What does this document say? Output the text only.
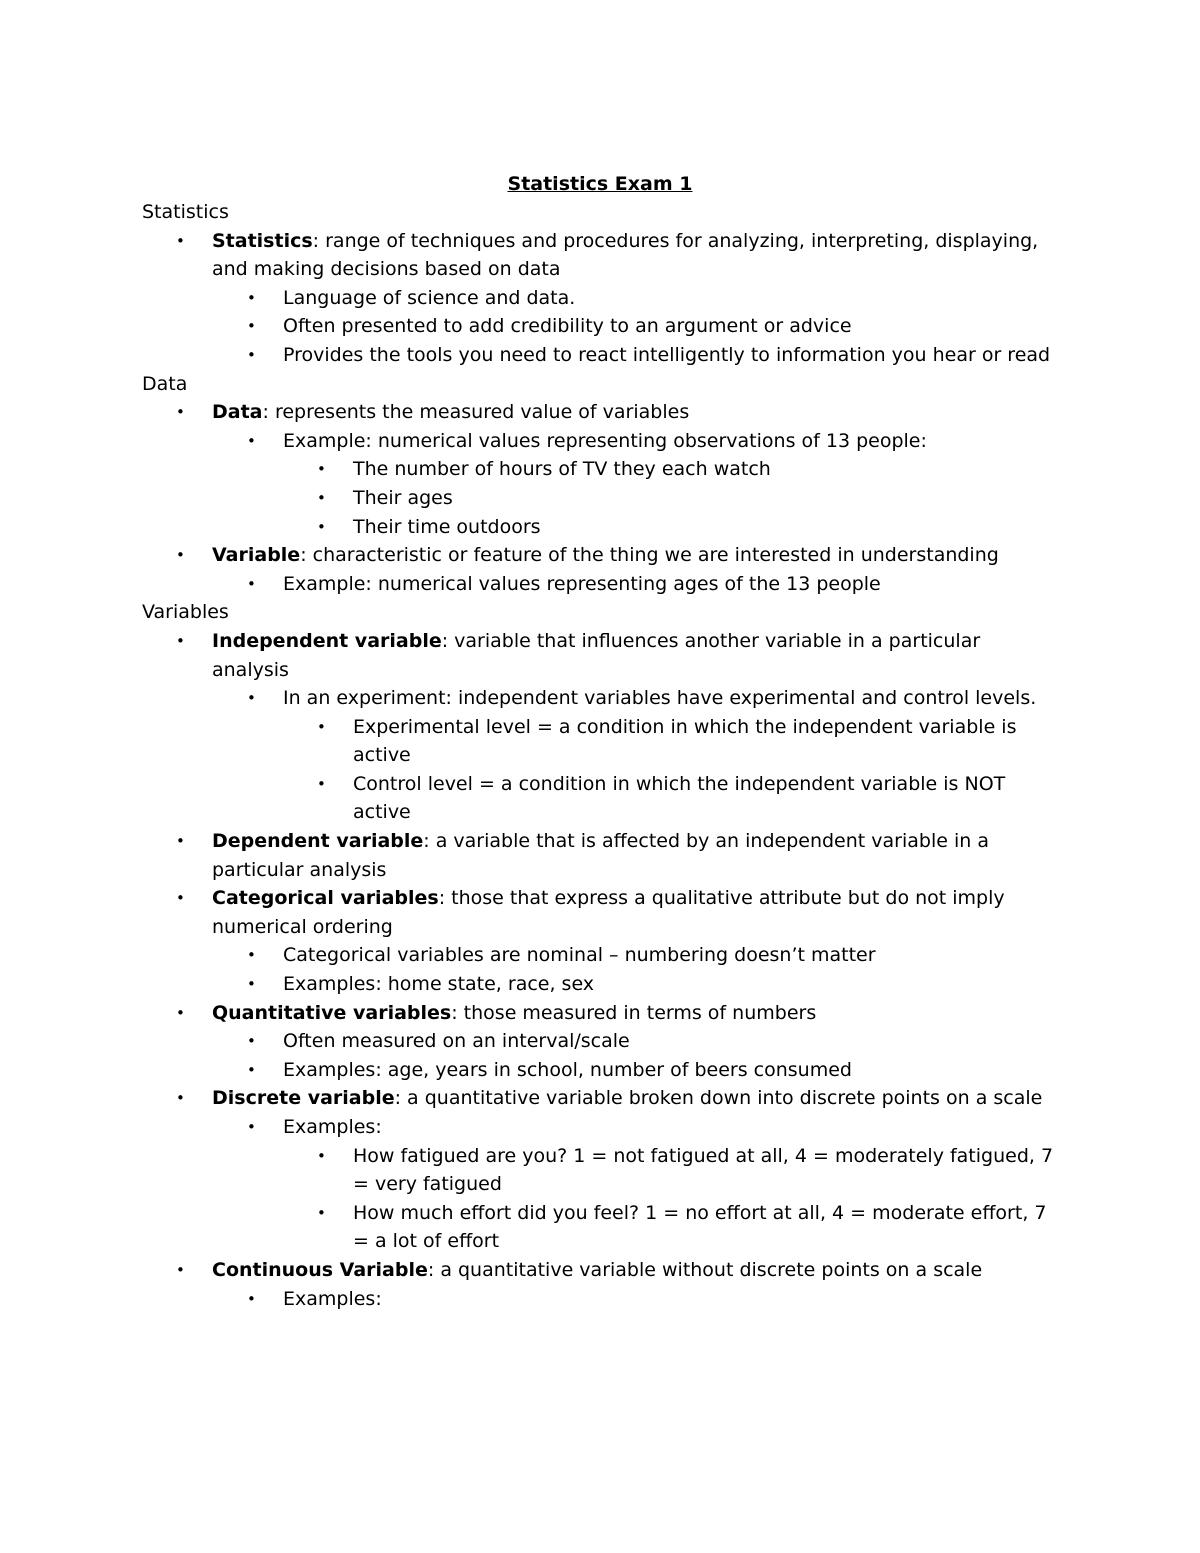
Statistics Exam 1

Statistics

• Statistics: range of techniques and procedures for analyzing, interpreting, displaying, and making decisions based on data
• Language of science and data.
• Often presented to add credibility to an argument or advice
• Provides the tools you need to react intelligently to information you hear or read

Data

• Data: represents the measured value of variables
• Example: numerical values representing observations of 13 people:
• The number of hours of TV they each watch
• Their ages
• Their time outdoors
• Variable: characteristic or feature of the thing we are interested in understanding
• Example: numerical values representing ages of the 13 people

Variables

• Independent variable: variable that influences another variable in a particular analysis
• In an experiment: independent variables have experimental and control levels.
• Experimental level = a condition in which the independent variable is active
• Control level = a condition in which the independent variable is NOT active
• Dependent variable: a variable that is affected by an independent variable in a particular analysis
• Categorical variables: those that express a qualitative attribute but do not imply numerical ordering
• Categorical variables are nominal – numbering doesn’t matter
• Examples: home state, race, sex
• Quantitative variables: those measured in terms of numbers
• Often measured on an interval/scale
• Examples: age, years in school, number of beers consumed
• Discrete variable: a quantitative variable broken down into discrete points on a scale
• Examples:
• How fatigued are you? 1 = not fatigued at all, 4 = moderately fatigued, 7 = very fatigued
• How much effort did you feel? 1 = no effort at all, 4 = moderate effort, 7 = a lot of effort
• Continuous Variable: a quantitative variable without discrete points on a scale
• Examples:
